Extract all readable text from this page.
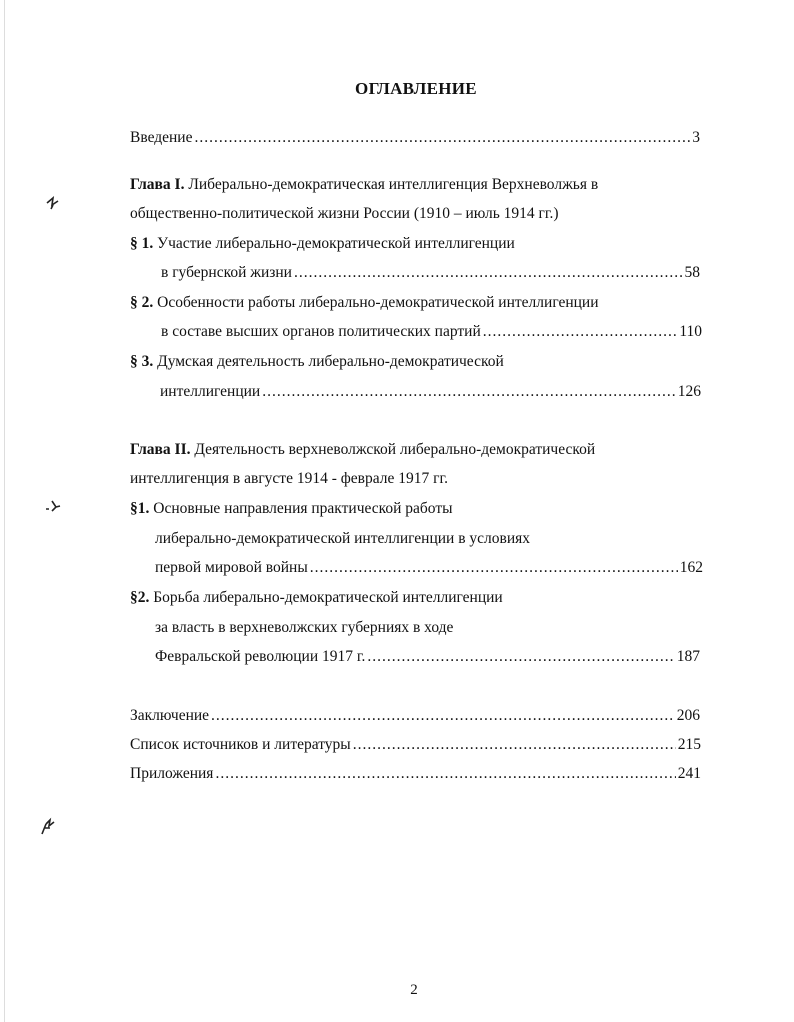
ОГЛАВЛЕНИЕ
Введение .....	3
Глава I. Либерально-демократическая интеллигенция Верхневолжья в
общественно-политической жизни России (1910 – июль 1914 гг.)
§ 1. Участие либерально-демократической интеллигенции
в губернской жизни .....	58
§ 2. Особенности работы либерально-демократической интеллигенции
в составе высших органов политических партий .....	110
§ 3. Думская деятельность либерально-демократической
интеллигенции .....	126
Глава II. Деятельность верхневолжской либерально-демократической
интеллигенция в августе 1914 - феврале 1917 гг.
§1. Основные направления практической работы
либерально-демократической интеллигенции в условиях
первой мировой войны .....	162
§2. Борьба либерально-демократической интеллигенции
за власть в верхневолжских губерниях в ходе
Февральской революции 1917 г. .....	187
Заключение .....	206
Список источников и литературы .....	215
Приложения .....	241
2
